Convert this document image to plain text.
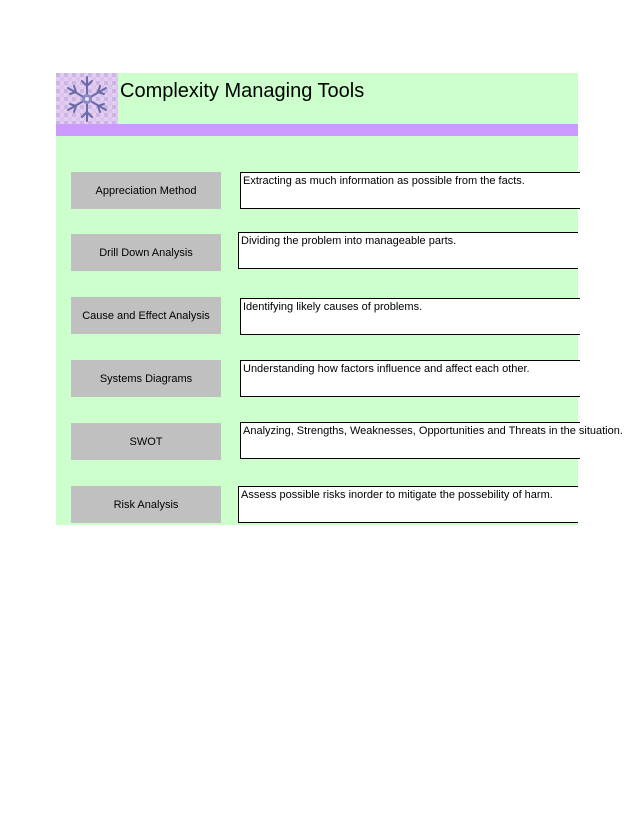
Complexity Managing Tools
Appreciation Method
Extracting as much information as possible from the facts.
Drill Down Analysis
Dividing the problem into manageable parts.
Cause and Effect Analysis
Identifying likely causes of problems.
Systems Diagrams
Understanding how factors influence and affect each other.
SWOT
Analyzing, Strengths, Weaknesses, Opportunities and Threats in the situation.
Risk Analysis
Assess possible risks inorder to mitigate the possebility of harm.
